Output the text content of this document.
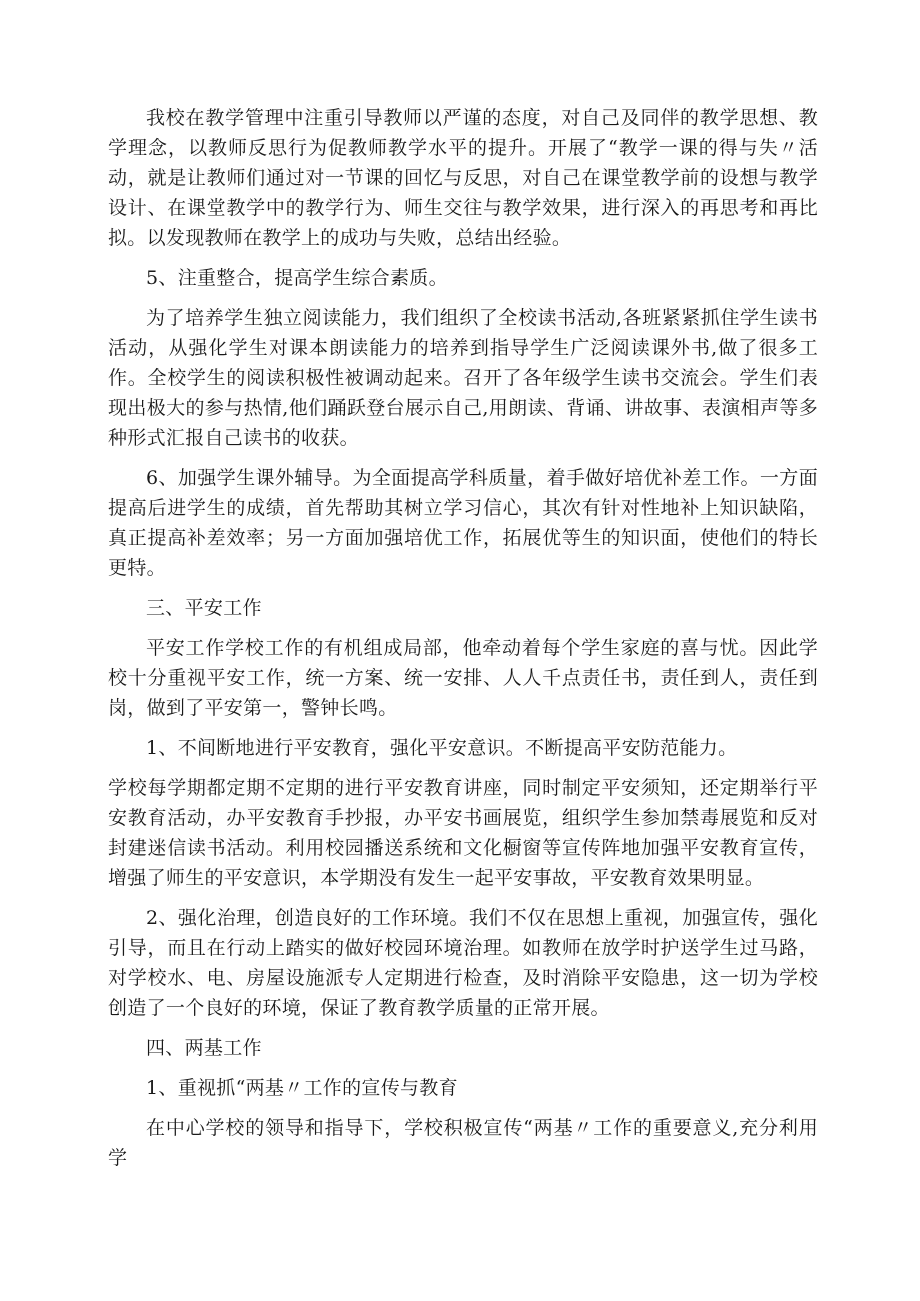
我校在教学管理中注重引导教师以严谨的态度，对自己及同伴的教学思想、教学理念，以教师反思行为促教师教学水平的提升。开展了“教学一课的得与失〃活动，就是让教师们通过对一节课的回忆与反思，对自己在课堂教学前的设想与教学设计、在课堂教学中的教学行为、师生交往与教学效果，进行深入的再思考和再比拟。以发现教师在教学上的成功与失败，总结出经验。

5、注重整合，提高学生综合素质。

为了培养学生独立阅读能力，我们组织了全校读书活动,各班紧紧抓住学生读书活动，从强化学生对课本朗读能力的培养到指导学生广泛阅读课外书,做了很多工作。全校学生的阅读积极性被调动起来。召开了各年级学生读书交流会。学生们表现出极大的参与热情,他们踊跃登台展示自己,用朗读、背诵、讲故事、表演相声等多种形式汇报自己读书的收获。

6、加强学生课外辅导。为全面提高学科质量，着手做好培优补差工作。一方面提高后进学生的成绩，首先帮助其树立学习信心，其次有针对性地补上知识缺陷，真正提高补差效率；另一方面加强培优工作，拓展优等生的知识面，使他们的特长更特。

三、平安工作

平安工作学校工作的有机组成局部，他牵动着每个学生家庭的喜与忧。因此学校十分重视平安工作，统一方案、统一安排、人人千点责任书，责任到人，责任到岗，做到了平安第一，警钟长鸣。

1、不间断地进行平安教育，强化平安意识。不断提高平安防范能力。

学校每学期都定期不定期的进行平安教育讲座，同时制定平安须知，还定期举行平安教育活动，办平安教育手抄报，办平安书画展览，组织学生参加禁毒展览和反对封建迷信读书活动。利用校园播送系统和文化橱窗等宣传阵地加强平安教育宣传，增强了师生的平安意识，本学期没有发生一起平安事故，平安教育效果明显。

2、强化治理，创造良好的工作环境。我们不仅在思想上重视，加强宣传，强化引导，而且在行动上踏实的做好校园环境治理。如教师在放学时护送学生过马路，对学校水、电、房屋设施派专人定期进行检查，及时消除平安隐患，这一切为学校创造了一个良好的环境，保证了教育教学质量的正常开展。

四、两基工作

1、重视抓“两基〃工作的宣传与教育

在中心学校的领导和指导下，学校积极宣传“两基〃工作的重要意义,充分利用学
